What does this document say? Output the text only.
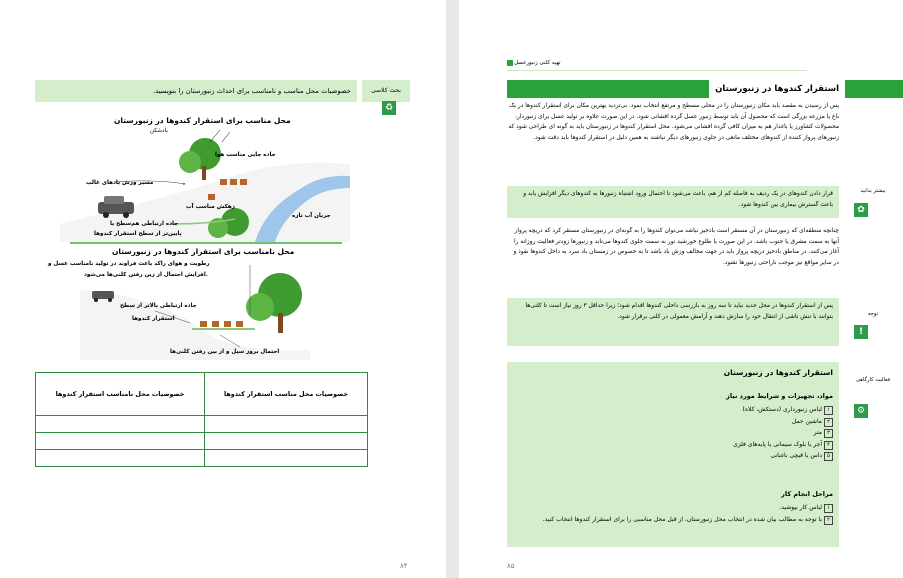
خصوصیات محل مناسب و نامناسب برای احداث زنبورستان را بنویسید.	بحث کلاسی
♻
محل مناسب برای استقرار کندوها در زنبورستان
بادشکن
جاده جایی مناسب هوا
مسیر وزش بادهای غالب
زهکش مناسب آب
جریان آب تازه
جاده ارتباطی هم‌سطح یا
پایین‌تر از سطح استقرار کندوها
محل نامناسب برای استقرار کندوها در زنبورستان
رطوبت و هوای راکد باعث فراوند در تولید نامناسب عسل و
افزایش احتمال از زین رفتن کلنی‌ها می‌شود.
جاده ارتباطی بالاتر از سطح
استقرار کندوها
احتمال بروز سیل و از بین رفتن کلنی‌ها
خصوصیات محل مناسب استقرار کندوها	خصوصیات محل نامناسب استقرار کندوها

۸۴
تهیه کلنی زنبورعسل
استقرار کندوها در زنبورستان
پس از رسیدن به مقصد باید مکان زنبورستان را در محلی مسطح و مرتفع انتخاب نمود. بی‌تردید بهترین مکان برای استقرار کندوها در یک باغ یا مزرعه بزرگی است که محصول آن باید توسط زنبور عسل گرده افشانی شود. در این صورت علاوه بر تولید عسل برای زنبوردار، محصولات کشاورز یا باغدار هم به میزان کافی گرده افشانی می‌شود. محل استقرار کندوها در زنبورستان باید به گونه ای طراحی شود که زنبورهای پرواز کننده از کندوهای مختلف مانعی در جلوی زنبورهای دیگر نباشند به همین دلیل در استقرار کندوها باید دقت شود.
قرار دادن کندوهای در یک ردیف به فاصله کم از هم، باعث می‌شود تا احتمال ورود اشتباه زنبورها به کندوهای دیگر افزایش یابد و باعث گسترش بیماری بین کندوها شود.
بیشتر بدانید
✿
چنانچه منطقه‌ای که زنبورستان در آن مستقر است بادخیز نباشد می‌توان کندوها را به گونه‌ای در زنبورستان مستقر کرد که دریچه پرواز آنها به سمت مشرق یا جنوب باشد. در این صورت با طلوع خورشید نور به سمت جلوی کندوها می‌تابد و زنبورها زودتر فعالیت روزانه را آغاز می‌کنند. در مناطق بادخیز دریچه پرواز باید در جهت مخالف وزش باد باشد تا به خصوص در زمستان باد سرد به داخل کندوها نفوذ و در سایر مواقع نیز موجب ناراحتی زنبورها نشود.
پس از استقرار کندوها در محل جدید نباید تا سه روز به بازرسی داخلی کندوها اقدام شود؛ زیرا حداقل ۳ روز نیاز است تا کلنی‌ها بتوانند با تنش ناشی از انتقال خود را سازش دهند و آرامش معمولی در کلنی برقرار شود.	توجه
!
استقرار کندوها در زنبورستان
مواد، تجهیزات و شرایط مورد نیاز
۱لباس زنبورداری (دستکش، کلاه)
۲ماشین حمل
۳متر
۴آجر یا بلوک سیمانی یا پایه‌های فلزی
۵داس یا قیچی باغبانی
مراحل انجام کار
۱لباس کار بپوشید.
۲با توجه به مطالب بیان شده در انتخاب محل زنبورستان، از قبل محل مناسبی را برای استقرار کندوها انتخاب کنید.
فعالیت کارگاهی
⚙
۸۵
